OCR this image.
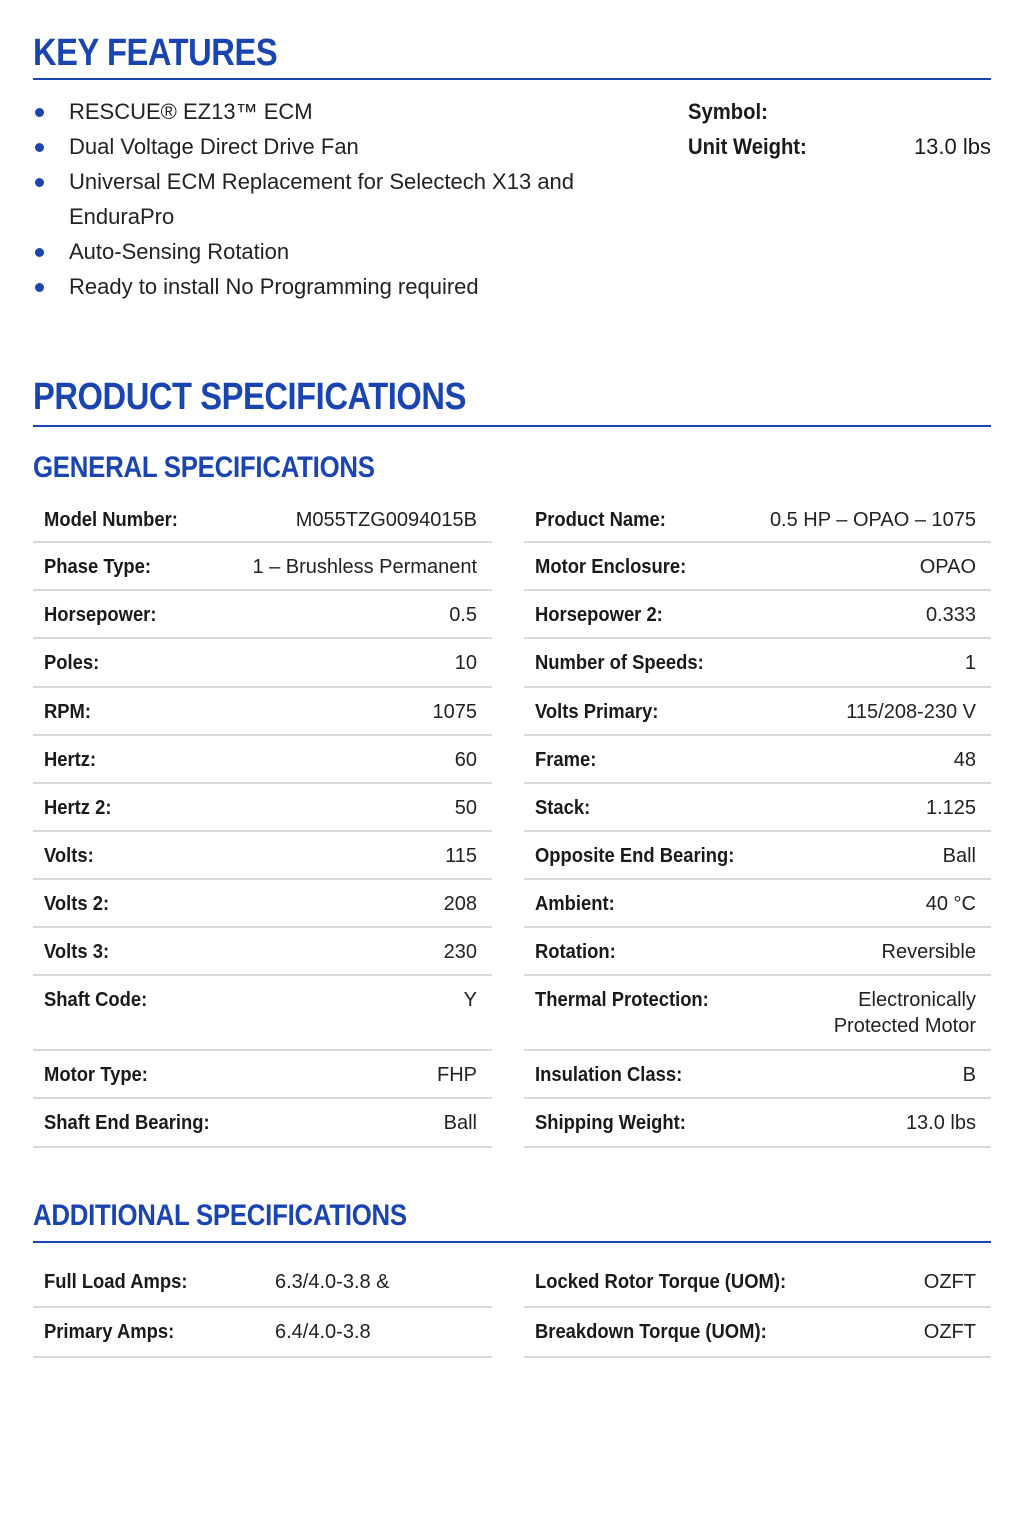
KEY FEATURES
RESCUE® EZ13™ ECM
Dual Voltage Direct Drive Fan
Universal ECM Replacement for Selectech X13 and EnduraPro
Auto-Sensing Rotation
Ready to install No Programming required
Symbol:
Unit Weight:	13.0 lbs
PRODUCT SPECIFICATIONS
GENERAL SPECIFICATIONS
Model Number:	M055TZG0094015B
Phase Type:	1 – Brushless Permanent
Horsepower:	0.5
Poles:	10
RPM:	1075
Hertz:	60
Hertz 2:	50
Volts:	115
Volts 2:	208
Volts 3:	230
Shaft Code:	Y
Motor Type:	FHP
Shaft End Bearing:	Ball
Product Name:	0.5 HP – OPAO – 1075
Motor Enclosure:	OPAO
Horsepower 2:	0.333
Number of Speeds:	1
Volts Primary:	115/208-230 V
Frame:	48
Stack:	1.125
Opposite End Bearing:	Ball
Ambient:	40 °C
Rotation:	Reversible
Thermal Protection:	Electronically
Protected Motor
Insulation Class:	B
Shipping Weight:	13.0 lbs
ADDITIONAL SPECIFICATIONS
Full Load Amps:	6.3/4.0-3.8 &
Primary Amps:	6.4/4.0-3.8
Locked Rotor Torque (UOM):	OZFT
Breakdown Torque (UOM):	OZFT
